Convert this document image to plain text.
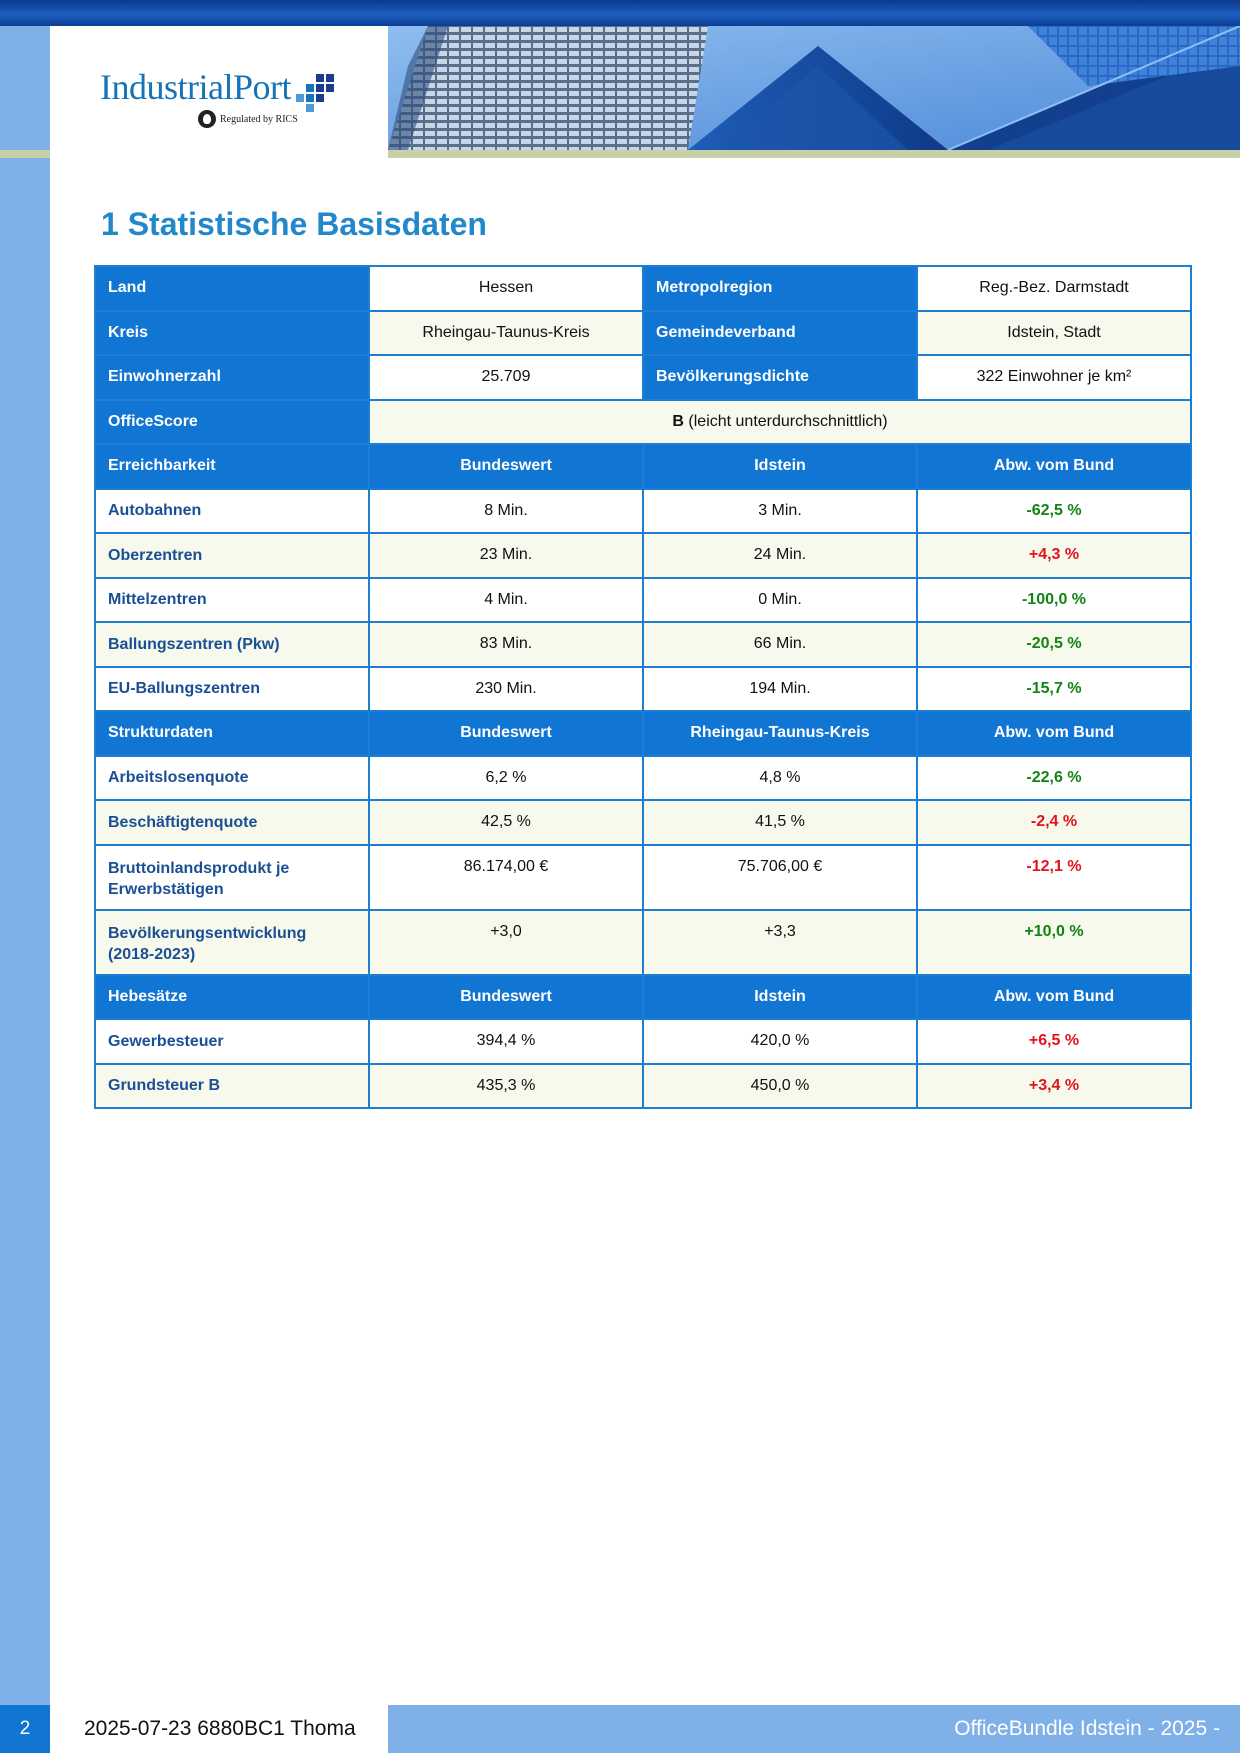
IndustrialPort
Regulated by RICS
1 Statistische Basisdaten
Land	Hessen	Metropolregion	Reg.-Bez. Darmstadt
Kreis	Rheingau-Taunus-Kreis	Gemeindeverband	Idstein, Stadt
Einwohnerzahl	25.709	Bevölkerungsdichte	322 Einwohner je km²
OfficeScore	B (leicht unterdurchschnittlich)		
Erreichbarkeit	Bundeswert	Idstein	Abw. vom Bund
Autobahnen	8 Min.	3 Min.	-62,5 %
Oberzentren	23 Min.	24 Min.	+4,3 %
Mittelzentren	4 Min.	0 Min.	-100,0 %
Ballungszentren (Pkw)	83 Min.	66 Min.	-20,5 %
EU-Ballungszentren	230 Min.	194 Min.	-15,7 %
Strukturdaten	Bundeswert	Rheingau-Taunus-Kreis	Abw. vom Bund
Arbeitslosenquote	6,2 %	4,8 %	-22,6 %
Beschäftigtenquote	42,5 %	41,5 %	-2,4 %
Bruttoinlandsprodukt je
Erwerbstätigen	86.174,00 €	75.706,00 €	-12,1 %
Bevölkerungsentwicklung
(2018-2023)	+3,0	+3,3	+10,0 %
Hebesätze	Bundeswert	Idstein	Abw. vom Bund
Gewerbesteuer	394,4 %	420,0 %	+6,5 %
Grundsteuer B	435,3 %	450,0 %	+3,4 %
2	2025-07-23 6880BC1 Thoma	OfficeBundle Idstein - 2025 -
